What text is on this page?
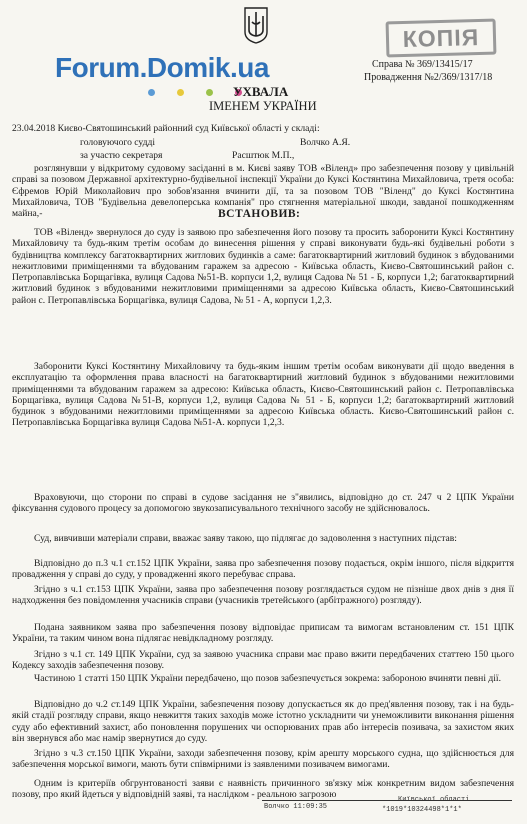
КОПІЯ
Forum.Domik.ua	Справа № 369/13415/17
Провадження №2/369/1317/18
УХВАЛА
ІМЕНЕМ УКРАЇНИ
23.04.2018 Києво-Святошинський районний суд Київської області у складі:
головуючого судді	Волчко А.Я.
за участю секретаря	Расштюк М.П.,
розглянувши у відкритому судовому засіданні в м. Києві заяву ТОВ «Віленд» про забезпечення позову у цивільній справі за позовом Державної архітектурно-будівельної інспекції України до Куксі Костянтина Михайловича, третя особа: Єфремов Юрій Миколайович про зобов'язання вчинити дії, та за позовом ТОВ "Віленд" до Куксі Костянтина Михайловича, ТОВ "Будівельна девелоперська компанія" про стягнення матеріальної шкоди, завданої пошкодженням майна,-	ВСТАНОВИВ:
ТОВ «Віленд» звернулося до суду із заявою про забезпечення його позову та просить заборонити Куксі Костянтину Михайловичу та будь-яким третім особам до винесення рішення у справі виконувати будь-які будівельні роботи з будівництва комплексу багатоквартирних житлових будинків а саме: багатоквартирний житловий будинок з вбудованими нежитловими приміщеннями та вбудованим гаражем за адресою - Київська область, Києво-Святошинський район с. Петропавлівська Борщагівка, вулиця Садова №51-В. корпуси 1,2, вулиця Садова № 51 - Б, корпуси 1,2; багатоквартирний житловий будинок з вбудованими нежитловими приміщеннями за адресою Київська область, Києво-Святошинський район с. Петропавлівська Борщагівка, вулиця Садова, № 51 - А, корпуси 1,2,3.
Заборонити Куксі Костянтину Михайловичу та будь-яким іншим третім особам виконувати дії щодо введення в експлуатацію та оформлення права власності на багатоквартирний житловий будинок з вбудованими нежитловими приміщеннями та вбудованим гаражем за адресою: Київська область, Києво-Святошинський район с. Петропавлівська Борщагівка, вулиця Садова №51-В, корпуси 1,2, вулиця Садова № 51 - Б, корпуси 1,2; багатоквартирний житловий будинок з вбудованими нежитловими приміщеннями за адресою Київська область. Києво-Святошинський район с. Петропавлівська Борщагівка вулиця Садова №51-А. корпуси 1,2,3.
Враховуючи, що сторони по справі в судове засідання не з"явились, відповідно до ст. 247 ч 2 ЦПК України фіксування судового процесу за допомогою звукозаписувального технічного засобу не здійснювалось.
Суд, вивчивши матеріали справи, вважає заяву такою, що підлягає до задоволення з наступних підстав:
Відповідно до п.3 ч.1 ст.152 ЦПК України, заява про забезпечення позову подається, окрім іншого, після відкриття провадження у справі до суду, у провадженні якого перебуває справа.
Згідно з ч.1 ст.153 ЦПК України, заява про забезпечення позову розглядається судом не пізніше двох днів з дня її надходження без повідомлення учасників справи (учасників третейського (арбітражного) розгляду).
Подана заявником заява про забезпечення позову відповідає приписам та вимогам встановленим ст. 151 ЦПК України, та таким чином вона підлягає невідкладному розгляду.
Згідно з ч.1 ст. 149 ЦПК України, суд за заявою учасника справи має право вжити передбачених статтею 150 цього Кодексу заходів забезпечення позову.
Частиною 1 статті 150 ЦПК України передбачено, що позов забезпечується зокрема: забороною вчиняти певні дії.
Відповідно до ч.2 ст.149 ЦПК України, забезпечення позову допускається як до пред'явлення позову, так і на будь-якій стадії розгляду справи, якщо невжиття таких заходів може істотно ускладнити чи унеможливити виконання рішення суду або ефективний захист, або поновлення порушених чи оспорюваних прав або інтересів позивача, за захистом яких він звернувся або має намір звернутися до суду.
Згідно з ч.3 ст.150 ЦПК України, заходи забезпечення позову, крім арешту морського судна, що здійснюється для забезпечення морської вимоги, мають бути співмірними із заявленими позивачем вимогами.
Одним із критеріїв обгрунтованості заяви є наявність причинного зв'язку між конкретним видом забезпечення позову, про який йдеться у відповідній заяві, та наслідком - реальною загрозою
Волчко 11:09:35
Київської області
*1019*10324498*1*1*
